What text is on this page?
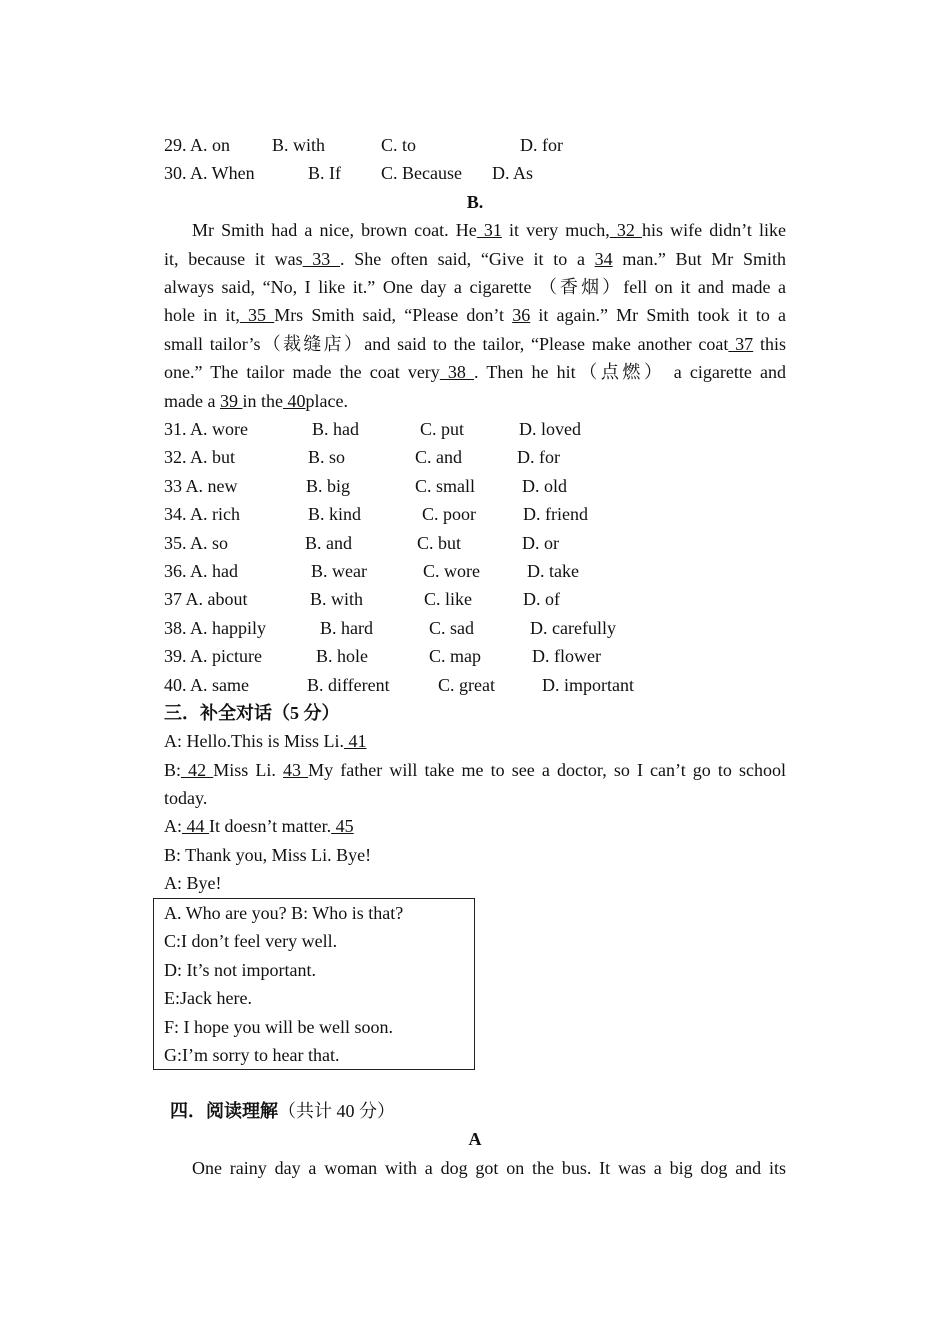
29. A. on B. with	C. to	D. for
30. A. When	B. If C. Because D. As
B.
Mr Smith had a nice, brown coat. He 31 it very much, 32 his wife didn’t like
it, because it was 33 . She often said, “Give it to a 34 man.” But Mr Smith
always said, “No, I like it.” One day a cigarette （香烟）fell on it and made a
hole in it, 35 Mrs Smith said, “Please don’t 36 it again.” Mr Smith took it to a
small tailor’s（裁缝店）and said to the tailor, “Please make another coat 37 this
one.” The tailor made the coat very 38 . Then he hit（点燃） a cigarette and
made a 39 in the 40place.
31. A. wore	B. had	C. put	D. loved
32. A. but	B. so	C. and	D. for
33 A. new	B. big	C. small	D. old
34. A. rich	B. kind	C. poor	D. friend
35. A. so	B. and	C. but	D. or
36. A. had	B. wear	C. wore	D. take
37 A. about	B. with	C. like	D. of
38. A. happily	B. hard	C. sad	D. carefully
39. A. picture	B. hole	C. map	D. flower
40. A. same	B. different	C. great	D. important
三．补全对话（5 分）
A: Hello.This is Miss Li. 41
B: 42 Miss Li. 43 My father will take me to see a doctor, so I can’t go to school
today.
A: 44 It doesn’t matter. 45
B: Thank you, Miss Li. Bye!
A: Bye!
A. Who are you? B: Who is that?
C:I don’t feel very well.
D: It’s not important.
E:Jack here.
F: I hope you will be well soon.
G:I’m sorry to hear that.
四．阅读理解（共计 40 分）
A
One rainy day a woman with a dog got on the bus. It was a big dog and its
